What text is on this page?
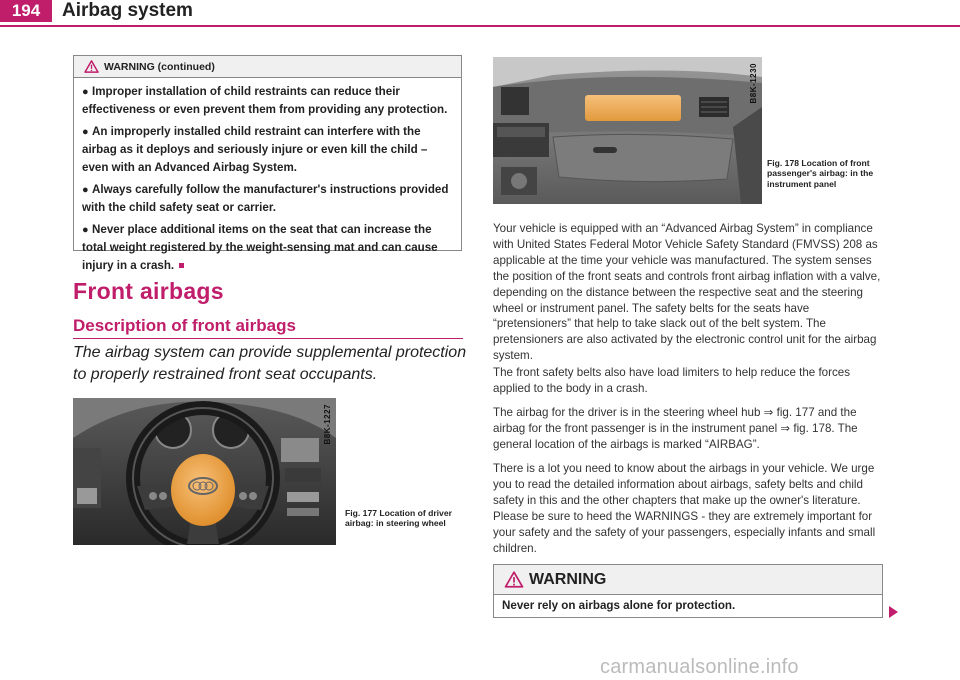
194	Airbag system
WARNING (continued)

● Improper installation of child restraints can reduce their effectiveness or even prevent them from providing any protection.

● An improperly installed child restraint can interfere with the airbag as it deploys and seriously injure or even kill the child – even with an Advanced Airbag System.

● Always carefully follow the manufacturer's instructions provided with the child safety seat or carrier.

● Never place additional items on the seat that can increase the total weight registered by the weight-sensing mat and can cause injury in a crash.

Front airbags
Description of front airbags
The airbag system can provide supplemental protection to properly restrained front seat occupants.
B8K-1227
Fig. 177 Location of driver airbag: in steering wheel
B8K-1230
Fig. 178 Location of front passenger's airbag: in the instrument panel
Your vehicle is equipped with an “Advanced Airbag System” in compliance with United States Federal Motor Vehicle Safety Standard (FMVSS) 208 as applicable at the time your vehicle was manufactured. The system senses the position of the front seats and controls front airbag inflation with a valve, depending on the distance between the respective seat and the steering wheel or instrument panel. The safety belts for the seats have “pretensioners” that help to take slack out of the belt system. The pretensioners are also activated by the electronic control unit for the airbag system.
The front safety belts also have load limiters to help reduce the forces applied to the body in a crash.
The airbag for the driver is in the steering wheel hub ⇒ fig. 177 and the airbag for the front passenger is in the instrument panel ⇒ fig. 178. The general location of the airbags is marked “AIRBAG”.
There is a lot you need to know about the airbags in your vehicle. We urge you to read the detailed information about airbags, safety belts and child safety in this and the other chapters that make up the owner's literature. Please be sure to heed the WARNINGS - they are extremely important for your safety and the safety of your passengers, especially infants and small children.
WARNING
Never rely on airbags alone for protection.
carmanualsonline.info
